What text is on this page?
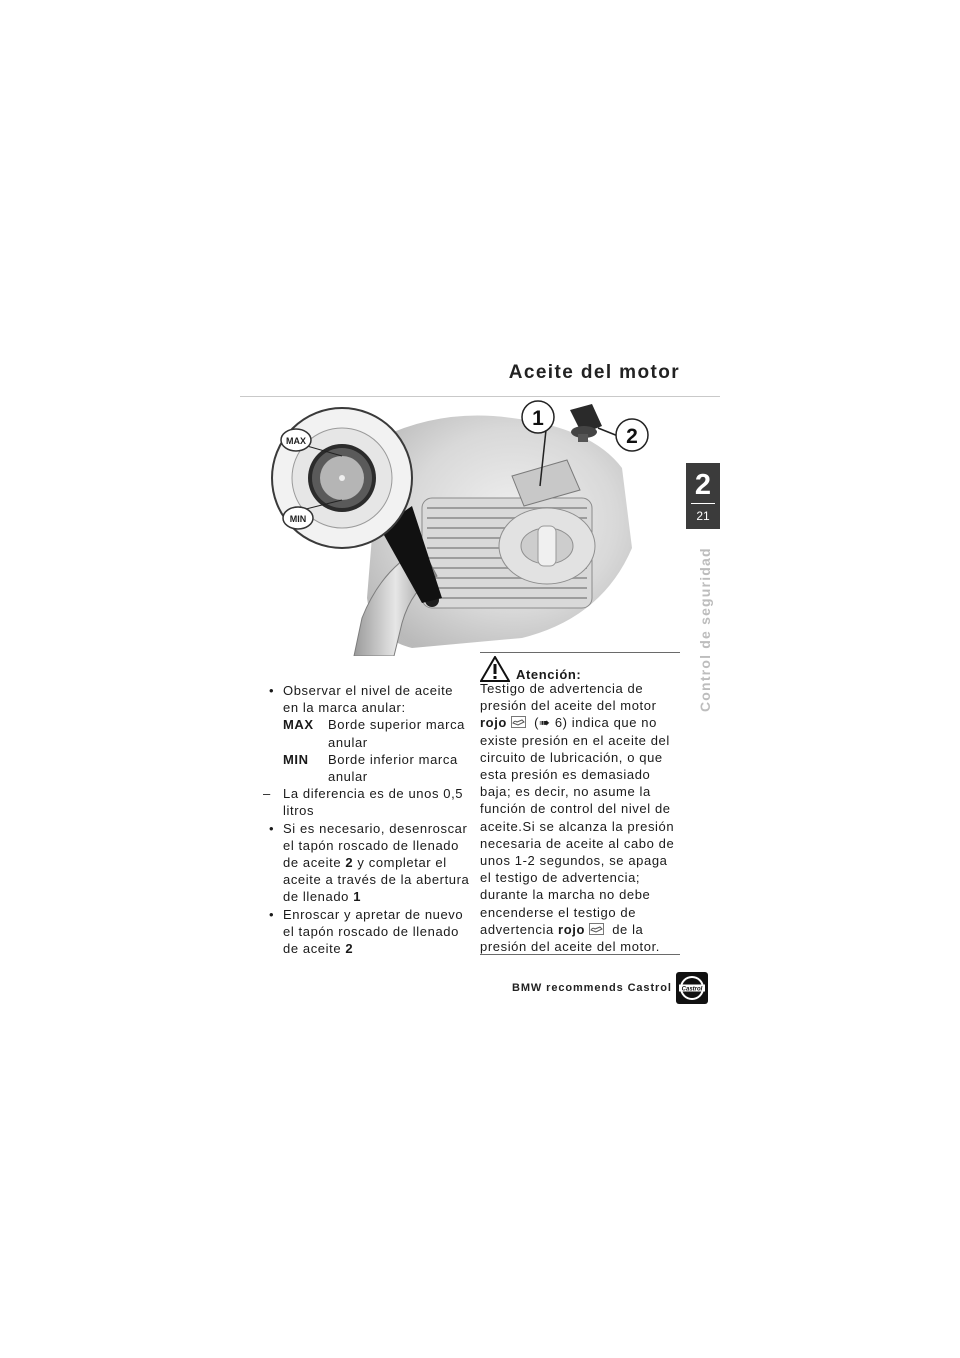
Aceite del motor
MAX
MIN
1
2
2
21
Control de seguridad

• Observar el nivel de aceite en la marca anular:

MAX	Borde superior marca anular
MIN	Borde inferior marca anular

– La diferencia es de unos 0,5 litros

• Si es necesario, desenroscar el tapón roscado de llenado de aceite 2 y completar el aceite a través de la abertura de llenado 1

• Enroscar y apretar de nuevo el tapón roscado de llenado de aceite 2

Atención:
Testigo de advertencia de presión del aceite del motor rojo (➠ 6) indica que no existe presión en el aceite del circuito de lubricación, o que esta presión es demasiado baja; es decir, no asume la función de control del nivel de aceite.Si se alcanza la presión necesaria de aceite al cabo de unos 1-2 segundos, se apaga el testigo de advertencia; durante la marcha no debe encenderse el testigo de advertencia rojo de la presión del aceite del motor.
BMW recommends Castrol Castrol
